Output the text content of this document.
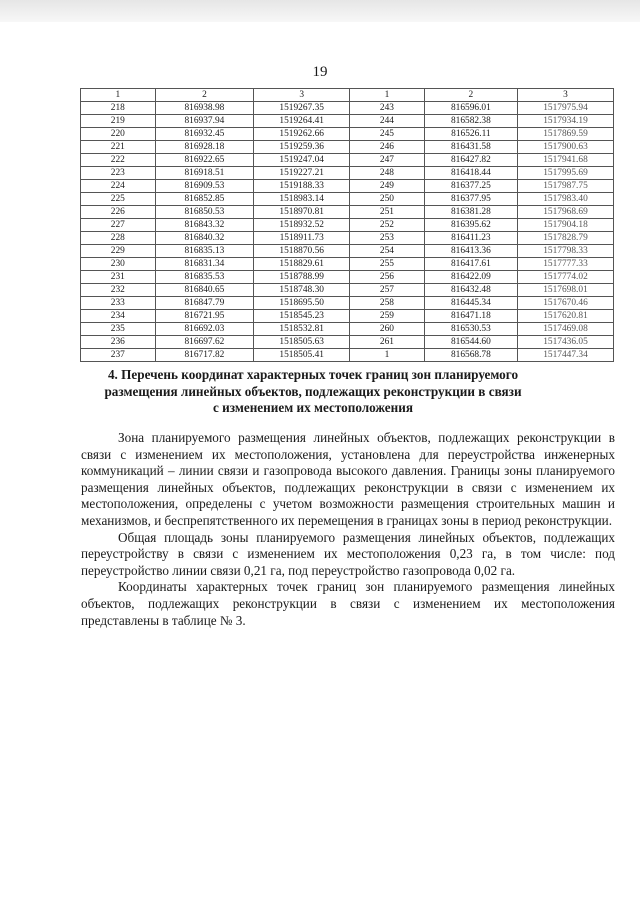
19
1	2	3	1	2	3
218	816938.98	1519267.35	243	816596.01	1517975.94
219	816937.94	1519264.41	244	816582.38	1517934.19
220	816932.45	1519262.66	245	816526.11	1517869.59
221	816928.18	1519259.36	246	816431.58	1517900.63
222	816922.65	1519247.04	247	816427.82	1517941.68
223	816918.51	1519227.21	248	816418.44	1517995.69
224	816909.53	1519188.33	249	816377.25	1517987.75
225	816852.85	1518983.14	250	816377.95	1517983.40
226	816850.53	1518970.81	251	816381.28	1517968.69
227	816843.32	1518932.52	252	816395.62	1517904.18
228	816840.32	1518911.73	253	816411.23	1517828.79
229	816835.13	1518870.56	254	816413.36	1517798.33
230	816831.34	1518829.61	255	816417.61	1517777.33
231	816835.53	1518788.99	256	816422.09	1517774.02
232	816840.65	1518748.30	257	816432.48	1517698.01
233	816847.79	1518695.50	258	816445.34	1517670.46
234	816721.95	1518545.23	259	816471.18	1517620.81
235	816692.03	1518532.81	260	816530.53	1517469.08
236	816697.62	1518505.63	261	816544.60	1517436.05
237	816717.82	1518505.41	1	816568.78	1517447.34
4. Перечень координат характерных точек границ зон планируемого
размещения линейных объектов, подлежащих реконструкции в связи
с изменением их местоположения

Зона планируемого размещения линейных объектов, подлежащих реконструкции в связи с изменением их местоположения, установлена для переустройства инженерных коммуникаций – линии связи и газопровода высокого давления. Границы зоны планируемого размещения линейных объектов, подлежащих реконструкции в связи с изменением их местоположения, определены с учетом возможности размещения строительных машин и механизмов, и беспрепятственного их перемещения в границах зоны в период реконструкции.

Общая площадь зоны планируемого размещения линейных объектов, подлежащих переустройству в связи с изменением их местоположения 0,23 га, в том числе: под переустройство линии связи 0,21 га, под переустройство газопровода 0,02 га.

Координаты характерных точек границ зон планируемого размещения линейных объектов, подлежащих реконструкции в связи с изменением их местоположения представлены в таблице № 3.
